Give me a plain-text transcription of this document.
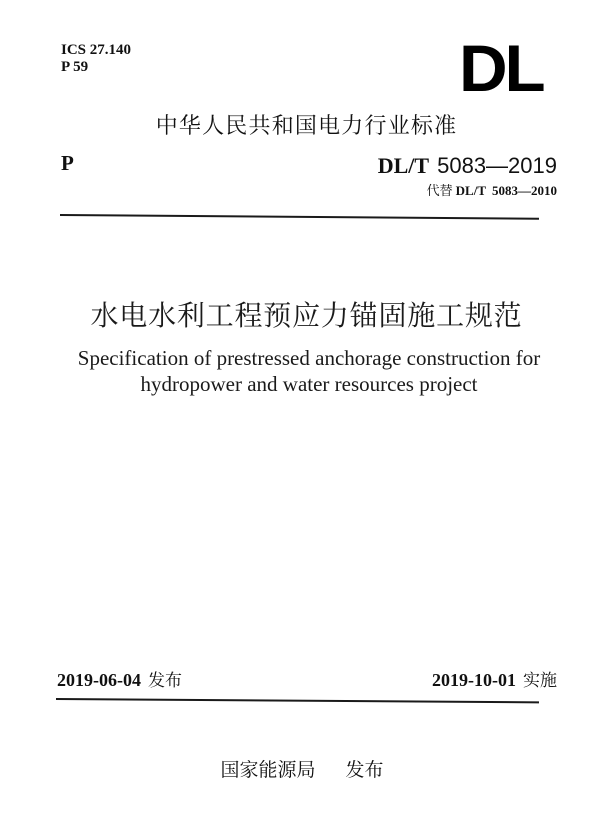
ICS 27.140
P 59	DL
中华人民共和国电力行业标准
P	DL/T 5083—2019
代替 DL/T 5083—2010
水电水利工程预应力锚固施工规范
Specification of prestressed anchorage construction for
hydropower and water resources project
2019-06-04 发布	2019-10-01 实施
国家能源局 发布
